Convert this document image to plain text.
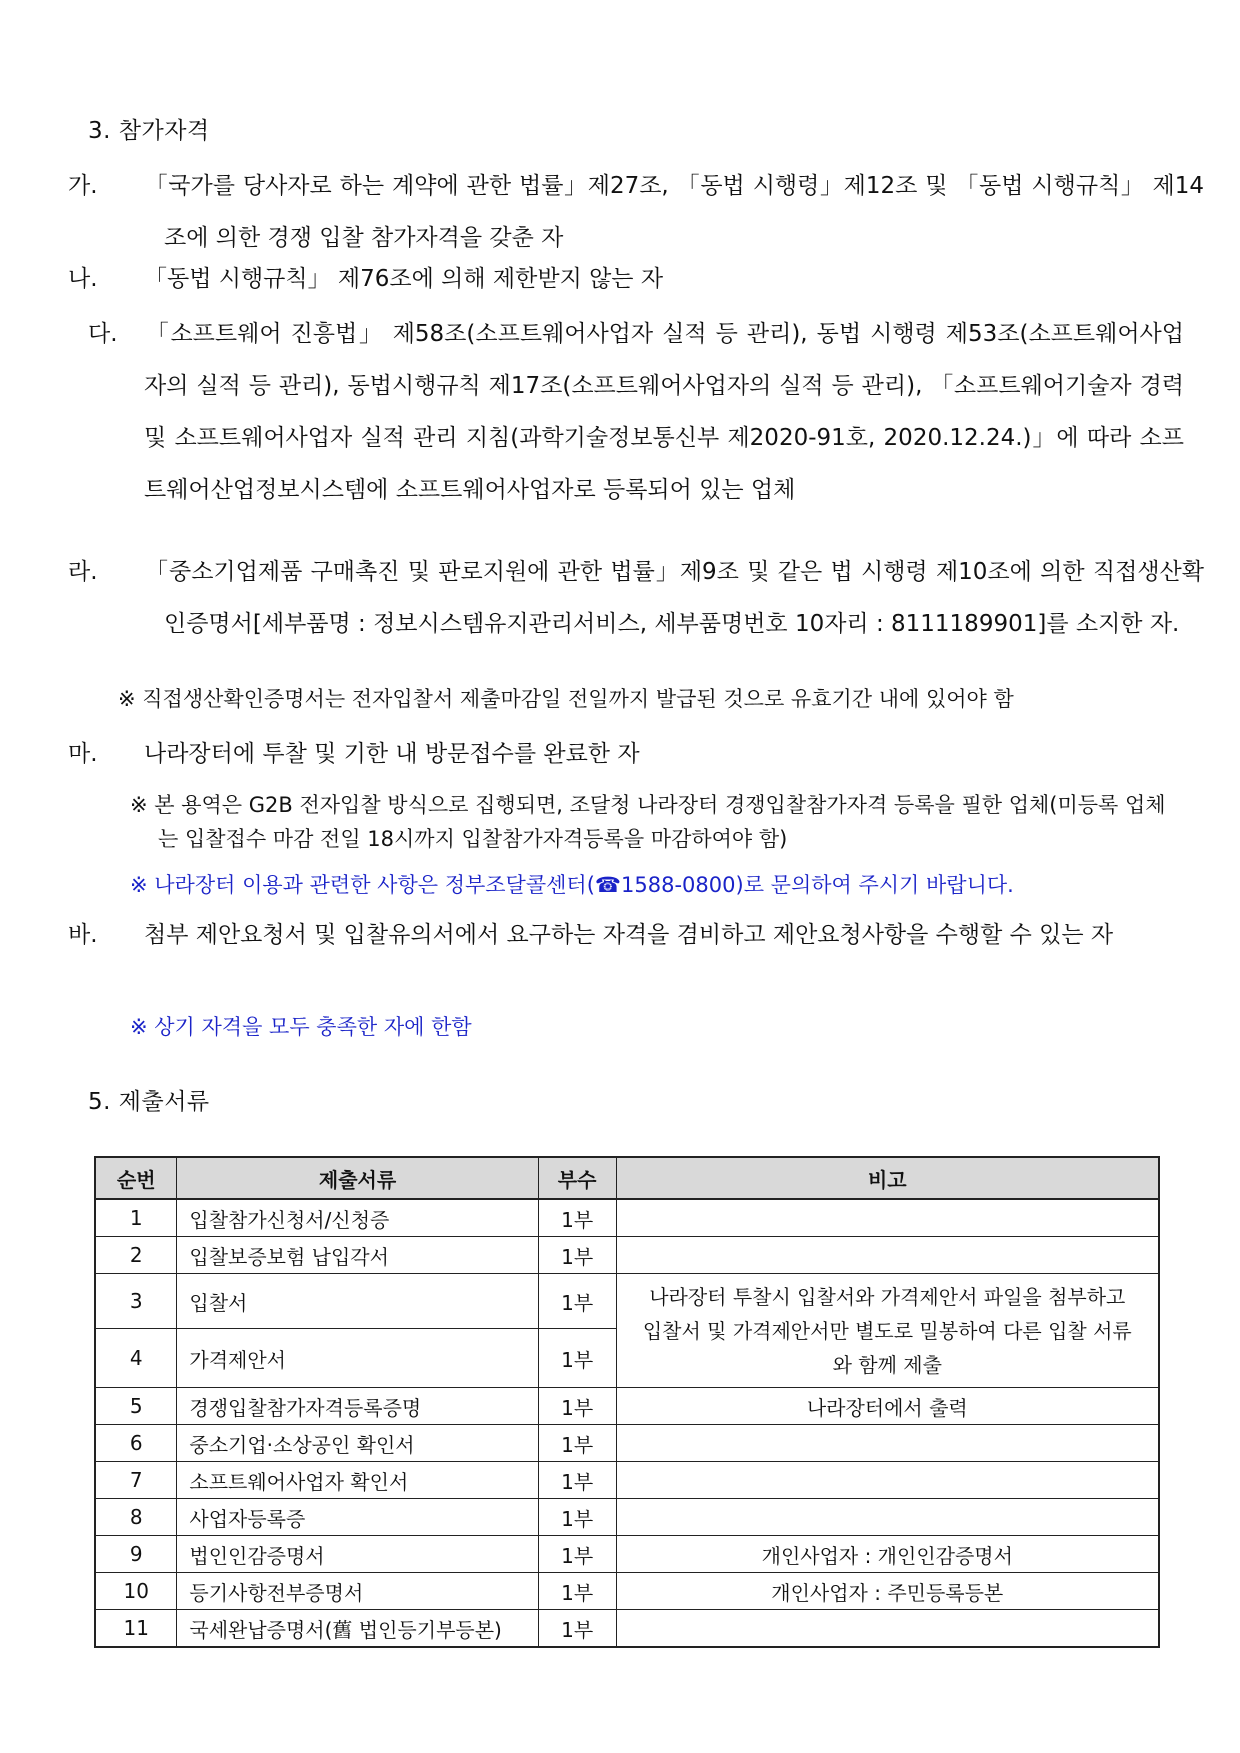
3. 참가자격
가. 「국가를 당사자로 하는 계약에 관한 법률」제27조, 「동법 시행령」제12조 및 「동법 시행규칙」 제14조에 의한 경쟁 입찰 참가자격을 갖춘 자
나. 「동법 시행규칙」 제76조에 의해 제한받지 않는 자
다. 「소프트웨어 진흥법」 제58조(소프트웨어사업자 실적 등 관리), 동법 시행령 제53조(소프트웨어사업자의 실적 등 관리), 동법시행규칙 제17조(소프트웨어사업자의 실적 등 관리), 「소프트웨어기술자 경력 및 소프트웨어사업자 실적 관리 지침(과학기술정보통신부 제2020-91호, 2020.12.24.)」에 따라 소프트웨어산업정보시스템에 소프트웨어사업자로 등록되어 있는 업체
라. 「중소기업제품 구매촉진 및 판로지원에 관한 법률」제9조 및 같은 법 시행령 제10조에 의한 직접생산확인증명서[세부품명 : 정보시스템유지관리서비스, 세부품명번호 10자리 : 8111189901]를 소지한 자.
※ 직접생산확인증명서는 전자입찰서 제출마감일 전일까지 발급된 것으로 유효기간 내에 있어야 함
마. 나라장터에 투찰 및 기한 내 방문접수를 완료한 자
※ 본 용역은 G2B 전자입찰 방식으로 집행되면, 조달청 나라장터 경쟁입찰참가자격 등록을 필한 업체(미등록 업체는 입찰접수 마감 전일 18시까지 입찰참가자격등록을 마감하여야 함)
※ 나라장터 이용과 관련한 사항은 정부조달콜센터(☎1588-0800)로 문의하여 주시기 바랍니다.
바. 첨부 제안요청서 및 입찰유의서에서 요구하는 자격을 겸비하고 제안요청사항을 수행할 수 있는 자
※ 상기 자격을 모두 충족한 자에 한함
5. 제출서류
순번	제출서류	부수	비고
1	입찰참가신청서/신청증	1부	
2	입찰보증보험 납입각서	1부	
3	입찰서	1부	나라장터 투찰시 입찰서와 가격제안서 파일을 첨부하고 입찰서 및 가격제안서만 별도로 밀봉하여 다른 입찰 서류와 함께 제출
4	가격제안서	1부	
5	경쟁입찰참가자격등록증명	1부	나라장터에서 출력
6	중소기업·소상공인 확인서	1부	
7	소프트웨어사업자 확인서	1부	
8	사업자등록증	1부	
9	법인인감증명서	1부	개인사업자 : 개인인감증명서
10	등기사항전부증명서	1부	개인사업자 : 주민등록등본
11	국세완납증명서(舊 법인등기부등본)	1부	
